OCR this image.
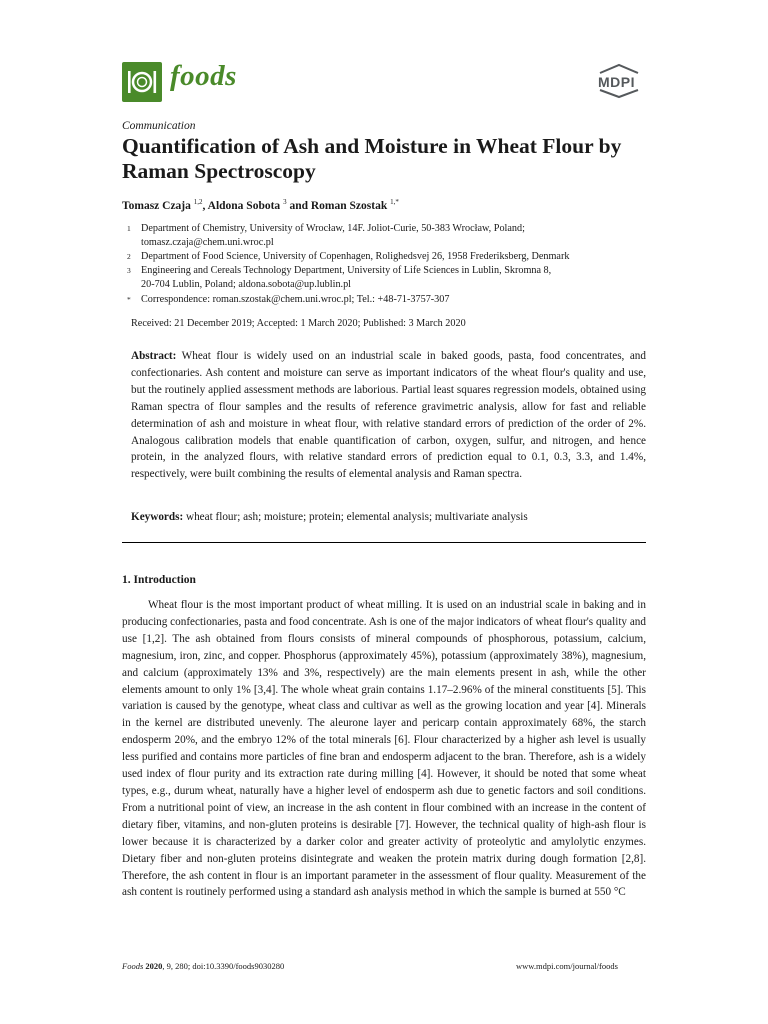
foods	MDPI
Communication
Quantification of Ash and Moisture in Wheat Flour by Raman Spectroscopy
Tomasz Czaja $^{1,2}$, Aldona Sobota $^3$ and Roman Szostak $^{1,*}$
1 Department of Chemistry, University of Wrocław, 14F. Joliot-Curie, 50-383 Wrocław, Poland;
tomasz.czaja@chem.uni.wroc.pl
2 Department of Food Science, University of Copenhagen, Rolighedsvej 26, 1958 Frederiksberg, Denmark
3 Engineering and Cereals Technology Department, University of Life Sciences in Lublin, Skromna 8,
20-704 Lublin, Poland; aldona.sobota@up.lublin.pl
* Correspondence: roman.szostak@chem.uni.wroc.pl; Tel.: +48-71-3757-307
Received: 21 December 2019; Accepted: 1 March 2020; Published: 3 March 2020
Abstract: Wheat flour is widely used on an industrial scale in baked goods, pasta, food concentrates, and confectionaries. Ash content and moisture can serve as important indicators of the wheat flour's quality and use, but the routinely applied assessment methods are laborious. Partial least squares regression models, obtained using Raman spectra of flour samples and the results of reference gravimetric analysis, allow for fast and reliable determination of ash and moisture in wheat flour, with relative standard errors of prediction of the order of 2%. Analogous calibration models that enable quantification of carbon, oxygen, sulfur, and nitrogen, and hence protein, in the analyzed flours, with relative standard errors of prediction equal to 0.1, 0.3, 3.3, and 1.4%, respectively, were built combining the results of elemental analysis and Raman spectra.
Keywords: wheat flour; ash; moisture; protein; elemental analysis; multivariate analysis
1. Introduction
Wheat flour is the most important product of wheat milling. It is used on an industrial scale in baking and in producing confectionaries, pasta and food concentrate. Ash is one of the major indicators of wheat flour's quality and use [1,2]. The ash obtained from flours consists of mineral compounds of phosphorous, potassium, calcium, magnesium, iron, zinc, and copper. Phosphorus (approximately 45%), potassium (approximately 38%), magnesium, and calcium (approximately 13% and 3%, respectively) are the main elements present in ash, while the other elements amount to only 1% [3,4]. The whole wheat grain contains 1.17–2.96% of the mineral constituents [5]. This variation is caused by the genotype, wheat class and cultivar as well as the growing location and year [4]. Minerals in the kernel are distributed unevenly. The aleurone layer and pericarp contain approximately 68%, the starch endosperm 20%, and the embryo 12% of the total minerals [6]. Flour characterized by a higher ash level is usually less purified and contains more particles of fine bran and endosperm adjacent to the bran. Therefore, ash is a widely used index of flour purity and its extraction rate during milling [4]. However, it should be noted that some wheat types, e.g., durum wheat, naturally have a higher level of endosperm ash due to genetic factors and soil conditions. From a nutritional point of view, an increase in the ash content in flour combined with an increase in the content of dietary fiber, vitamins, and non-gluten proteins is desirable [7]. However, the technical quality of high-ash flour is lower because it is characterized by a darker color and greater activity of proteolytic and amylolytic enzymes. Dietary fiber and non-gluten proteins disintegrate and weaken the protein matrix during dough formation [2,8]. Therefore, the ash content in flour is an important parameter in the assessment of flour quality. Measurement of the ash content is routinely performed using a standard ash analysis method in which the sample is burned at 550 °C
Foods 2020, 9, 280; doi:10.3390/foods9030280	www.mdpi.com/journal/foods
